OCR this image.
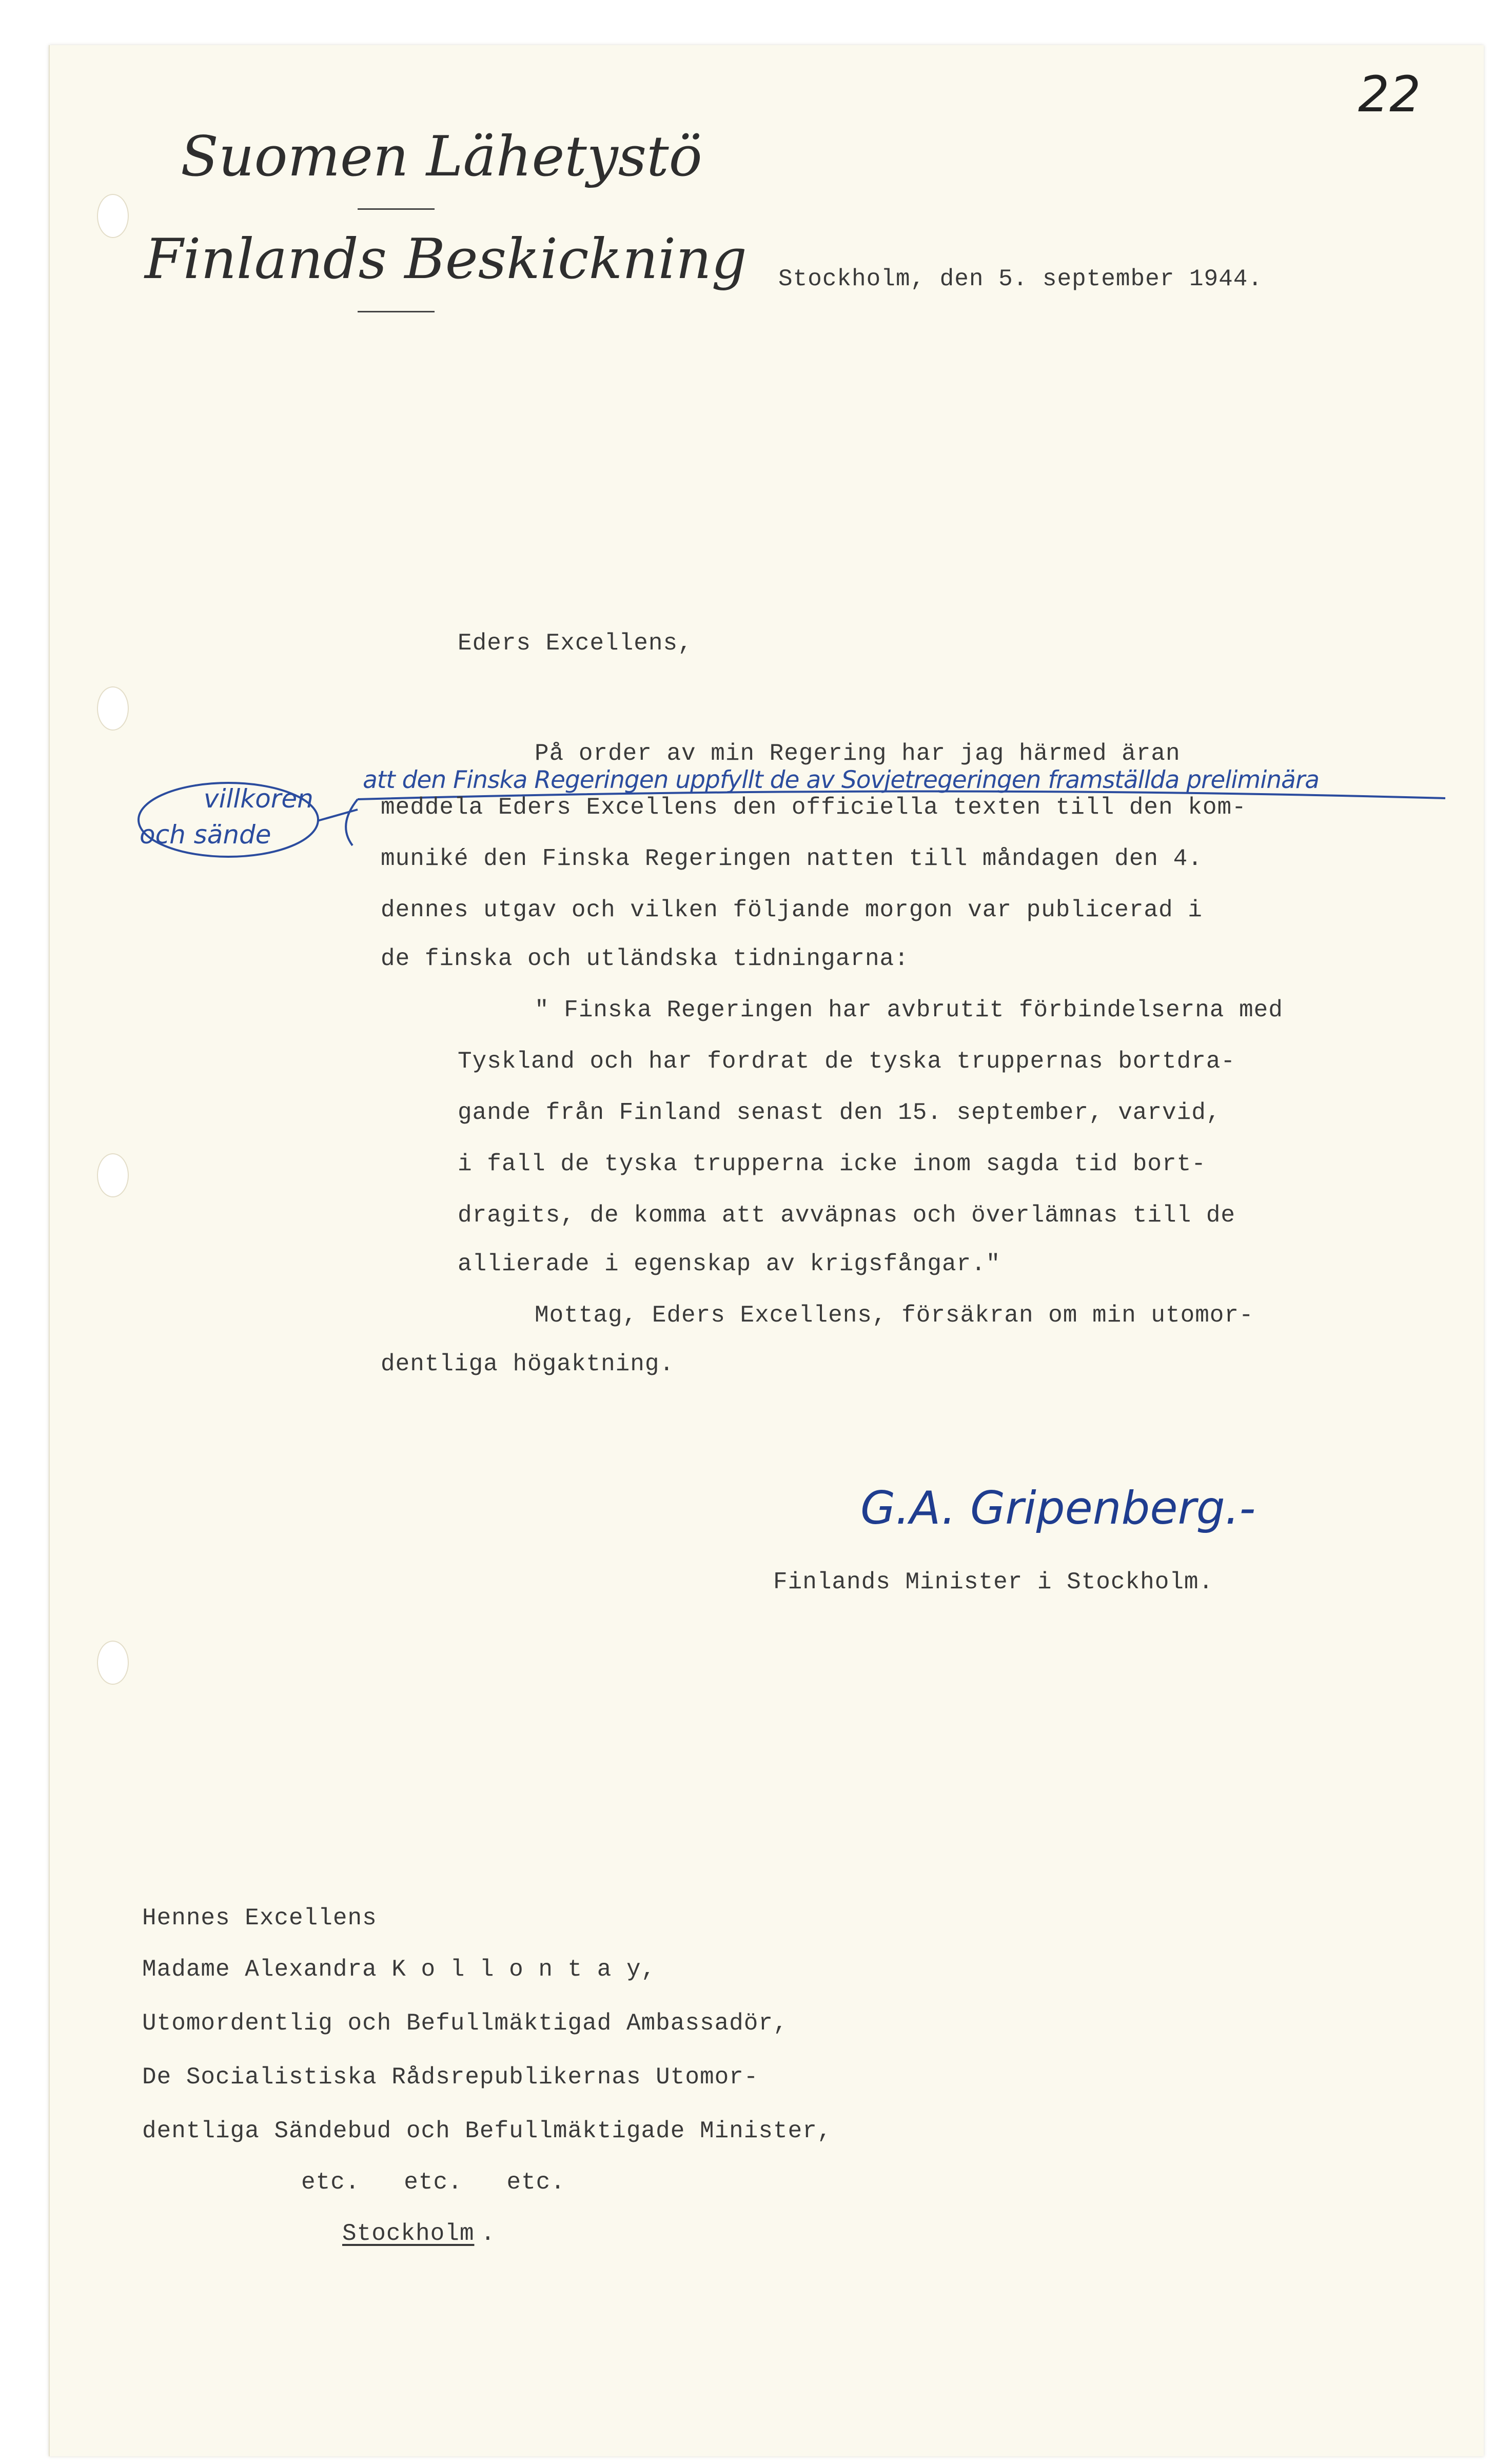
22
Suomen Lähetystö
Finlands Beskickning Stockholm, den 5. september 1944.
Eders Excellens,
På order av min Regering har jag härmed äran
att den Finska Regeringen uppfyllt de av Sovjetregeringen framställda preliminära
villkoren
och sände
meddela Eders Excellens den officiella texten till den kom-
muniké den Finska Regeringen natten till måndagen den 4.
dennes utgav och vilken följande morgon var publicerad i
de finska och utländska tidningarna:
" Finska Regeringen har avbrutit förbindelserna med
Tyskland och har fordrat de tyska truppernas bortdra-
gande från Finland senast den 15. september, varvid,
i fall de tyska trupperna icke inom sagda tid bort-
dragits, de komma att avväpnas och överlämnas till de
allierade i egenskap av krigsfångar."
Mottag, Eders Excellens, försäkran om min utomor-
dentliga högaktning.
G.A. Gripenberg.-
Finlands Minister i Stockholm.
Hennes Excellens
Madame Alexandra K o l l o n t a y,
Utomordentlig och Befullmäktigad Ambassadör,
De Socialistiska Rådsrepublikernas Utomor-
dentliga Sändebud och Befullmäktigade Minister,
etc.   etc.   etc.
Stockholm .
